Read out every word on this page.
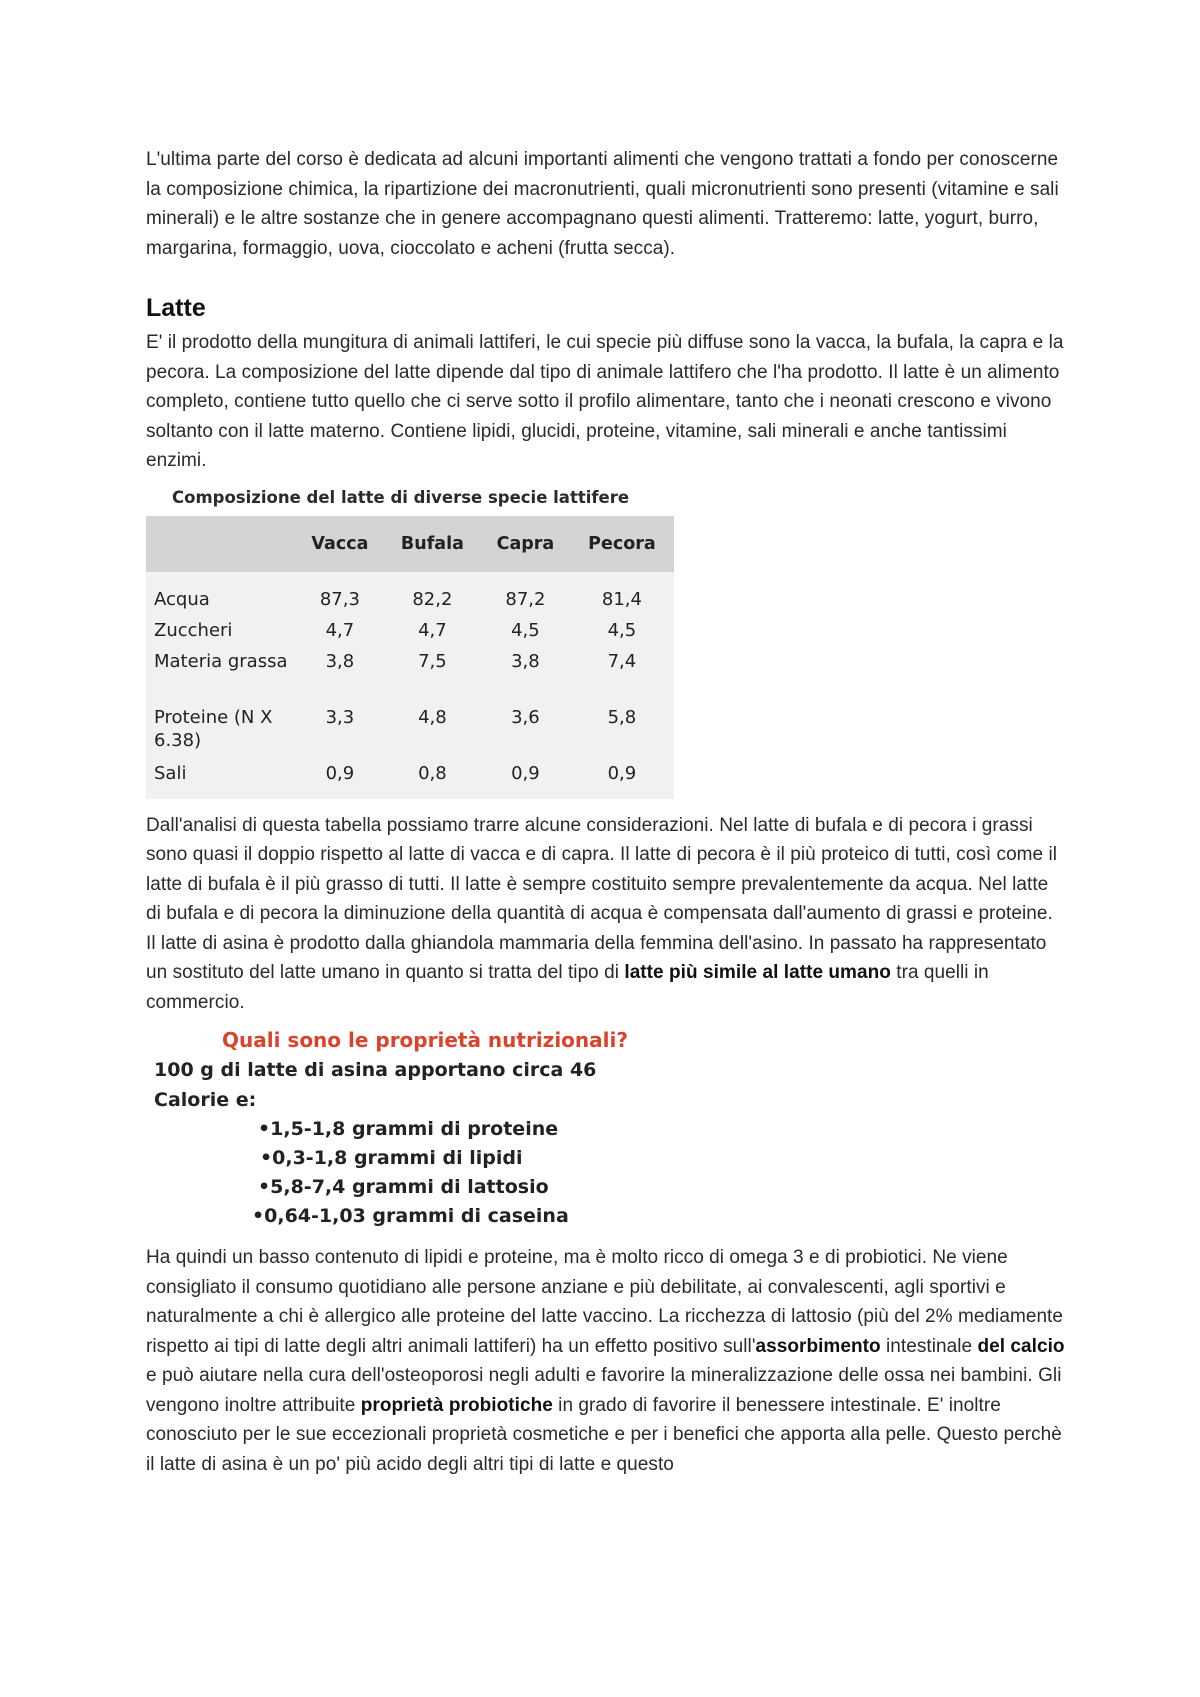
L'ultima parte del corso è dedicata ad alcuni importanti alimenti che vengono trattati a fondo per conoscerne la composizione chimica, la ripartizione dei macronutrienti, quali micronutrienti sono presenti (vitamine e sali minerali) e le altre sostanze che in genere accompagnano questi alimenti. Tratteremo: latte, yogurt, burro, margarina, formaggio, uova, cioccolato e acheni (frutta secca).

Latte

E' il prodotto della mungitura di animali lattiferi, le cui specie più diffuse sono la vacca, la bufala, la capra e la pecora. La composizione del latte dipende dal tipo di animale lattifero che l'ha prodotto. Il latte è un alimento completo, contiene tutto quello che ci serve sotto il profilo alimentare, tanto che i neonati crescono e vivono soltanto con il latte materno. Contiene lipidi, glucidi, proteine, vitamine, sali minerali e anche tantissimi enzimi.

Composizione del latte di diverse specie lattifere
	Vacca	Bufala	Capra	Pecora
Acqua	87,3	82,2	87,2	81,4
Zuccheri	4,7	4,7	4,5	4,5
Materia grassa	3,8	7,5	3,8	7,4
Proteine (N X 6.38)	3,3	4,8	3,6	5,8
Sali	0,9	0,8	0,9	0,9

Dall'analisi di questa tabella possiamo trarre alcune considerazioni. Nel latte di bufala e di pecora i grassi sono quasi il doppio rispetto al latte di vacca e di capra. Il latte di pecora è il più proteico di tutti, così come il latte di bufala è il più grasso di tutti. Il latte è sempre costituito sempre prevalentemente da acqua. Nel latte di bufala e di pecora la diminuzione della quantità di acqua è compensata dall'aumento di grassi e proteine.

Il latte di asina è prodotto dalla ghiandola mammaria della femmina dell'asino. In passato ha rappresentato un sostituto del latte umano in quanto si tratta del tipo di latte più simile al latte umano tra quelli in commercio.

Quali sono le proprietà nutrizionali?
100 g di latte di asina apportano circa 46 Calorie e:
•1,5-1,8 grammi di proteine
•0,3-1,8 grammi di lipidi
•5,8-7,4 grammi di lattosio
•0,64-1,03 grammi di caseina

Ha quindi un basso contenuto di lipidi e proteine, ma è molto ricco di omega 3 e di probiotici. Ne viene consigliato il consumo quotidiano alle persone anziane e più debilitate, ai convalescenti, agli sportivi e naturalmente a chi è allergico alle proteine del latte vaccino. La ricchezza di lattosio (più del 2% mediamente rispetto ai tipi di latte degli altri animali lattiferi) ha un effetto positivo sull'assorbimento intestinale del calcio e può aiutare nella cura dell'osteoporosi negli adulti e favorire la mineralizzazione delle ossa nei bambini. Gli vengono inoltre attribuite proprietà probiotiche in grado di favorire il benessere intestinale. E' inoltre conosciuto per le sue eccezionali proprietà cosmetiche e per i benefici che apporta alla pelle. Questo perchè il latte di asina è un po' più acido degli altri tipi di latte e questo
